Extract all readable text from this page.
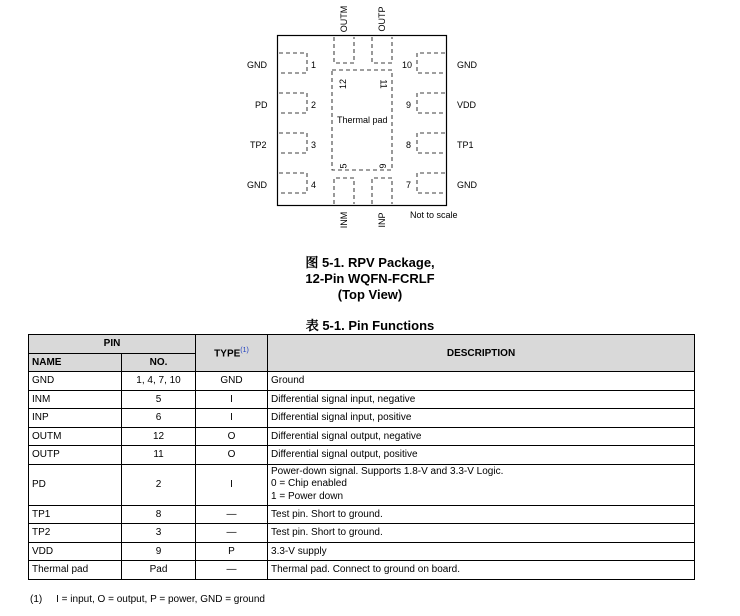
GND
PD
TP2
GND
GND
VDD
TP1
GND
OUTM	OUTP
INM	INP
1
2
3
4
10
9
8
7
12	11
5	6
Thermal pad
Not to scale
图 5-1. RPV Package,
12-Pin WQFN-FCRLF
(Top View)
表 5-1. Pin Functions
PIN		TYPE$^{(1)}$	DESCRIPTION
NAME	NO.		
GND	1, 4, 7, 10	GND	Ground
INM	5	I	Differential signal input, negative
INP	6	I	Differential signal input, positive
OUTM	12	O	Differential signal output, negative
OUTP	11	O	Differential signal output, positive
PD	2	I	Power-down signal. Supports 1.8-V and 3.3-V Logic.
0 = Chip enabled
1 = Power down

TP1	8	—	Test pin. Short to ground.
TP2	3	—	Test pin. Short to ground.
VDD	9	P	3.3-V supply
Thermal pad	Pad	—	Thermal pad. Connect to ground on board.
(1)     I = input, O = output, P = power, GND = ground
